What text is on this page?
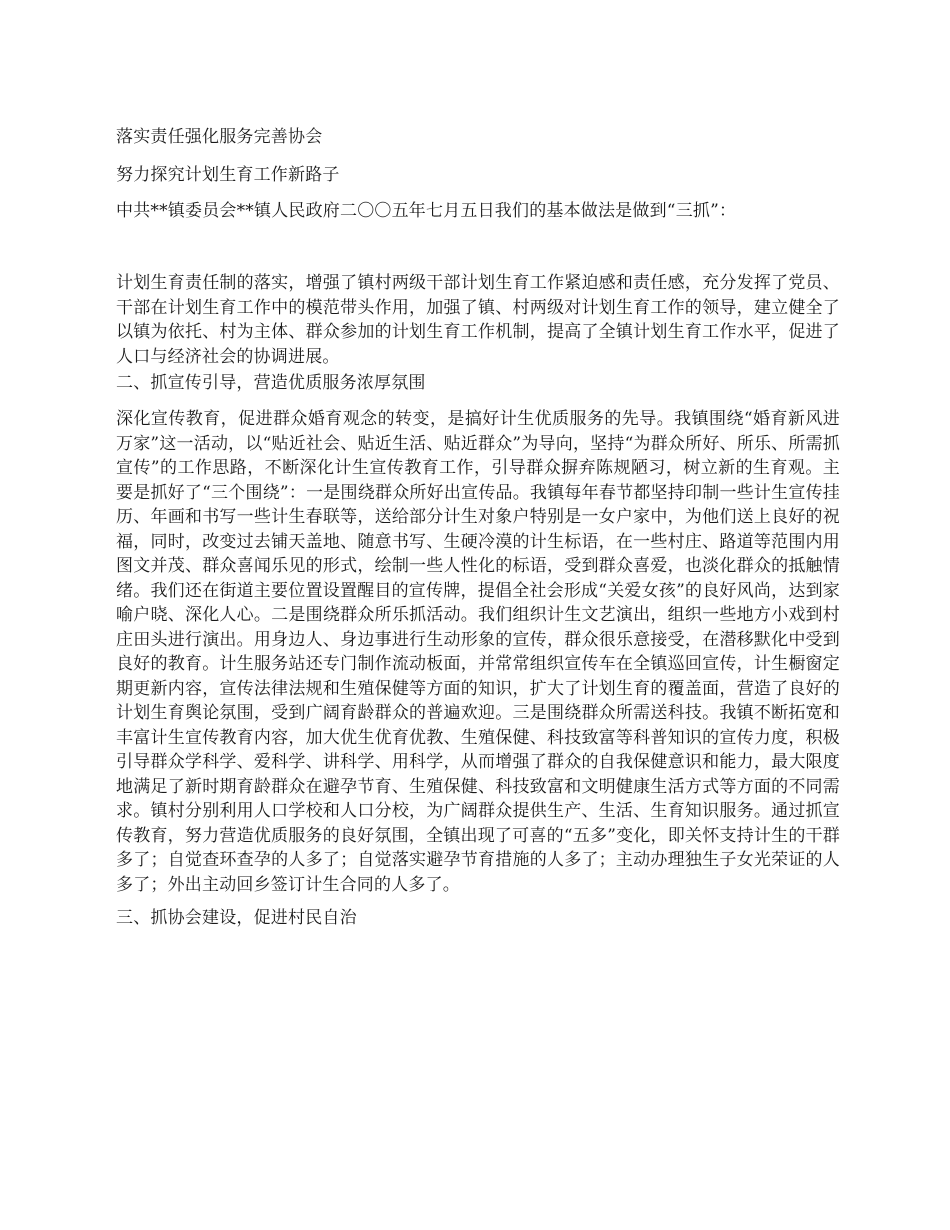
落实责任强化服务完善协会

努力探究计划生育工作新路子

中共**镇委员会**镇人民政府二〇〇五年七月五日我们的基本做法是做到“三抓”：

计划生育责任制的落实，增强了镇村两级干部计划生育工作紧迫感和责任感，充分发挥了党员、干部在计划生育工作中的模范带头作用，加强了镇、村两级对计划生育工作的领导，建立健全了以镇为依托、村为主体、群众参加的计划生育工作机制，提高了全镇计划生育工作水平，促进了人口与经济社会的协调进展。

二、抓宣传引导，营造优质服务浓厚氛围

深化宣传教育，促进群众婚育观念的转变，是搞好计生优质服务的先导。我镇围绕“婚育新风进万家”这一活动，以“贴近社会、贴近生活、贴近群众”为导向，坚持“为群众所好、所乐、所需抓宣传”的工作思路，不断深化计生宣传教育工作，引导群众摒弃陈规陋习，树立新的生育观。主要是抓好了“三个围绕”：一是围绕群众所好出宣传品。我镇每年春节都坚持印制一些计生宣传挂历、年画和书写一些计生春联等，送给部分计生对象户特别是一女户家中，为他们送上良好的祝福，同时，改变过去铺天盖地、随意书写、生硬冷漠的计生标语，在一些村庄、路道等范围内用图文并茂、群众喜闻乐见的形式，绘制一些人性化的标语，受到群众喜爱，也淡化群众的抵触情绪。我们还在街道主要位置设置醒目的宣传牌，提倡全社会形成“关爱女孩”的良好风尚，达到家喻户晓、深化人心。二是围绕群众所乐抓活动。我们组织计生文艺演出，组织一些地方小戏到村庄田头进行演出。用身边人、身边事进行生动形象的宣传，群众很乐意接受，在潜移默化中受到良好的教育。计生服务站还专门制作流动板面，并常常组织宣传车在全镇巡回宣传，计生橱窗定期更新内容，宣传法律法规和生殖保健等方面的知识，扩大了计划生育的覆盖面，营造了良好的计划生育舆论氛围，受到广阔育龄群众的普遍欢迎。三是围绕群众所需送科技。我镇不断拓宽和丰富计生宣传教育内容，加大优生优育优教、生殖保健、科技致富等科普知识的宣传力度，积极引导群众学科学、爱科学、讲科学、用科学，从而增强了群众的自我保健意识和能力，最大限度地满足了新时期育龄群众在避孕节育、生殖保健、科技致富和文明健康生活方式等方面的不同需求。镇村分别利用人口学校和人口分校，为广阔群众提供生产、生活、生育知识服务。通过抓宣传教育，努力营造优质服务的良好氛围，全镇出现了可喜的“五多”变化，即关怀支持计生的干群多了；自觉查环查孕的人多了；自觉落实避孕节育措施的人多了；主动办理独生子女光荣证的人多了；外出主动回乡签订计生合同的人多了。

三、抓协会建设，促进村民自治
